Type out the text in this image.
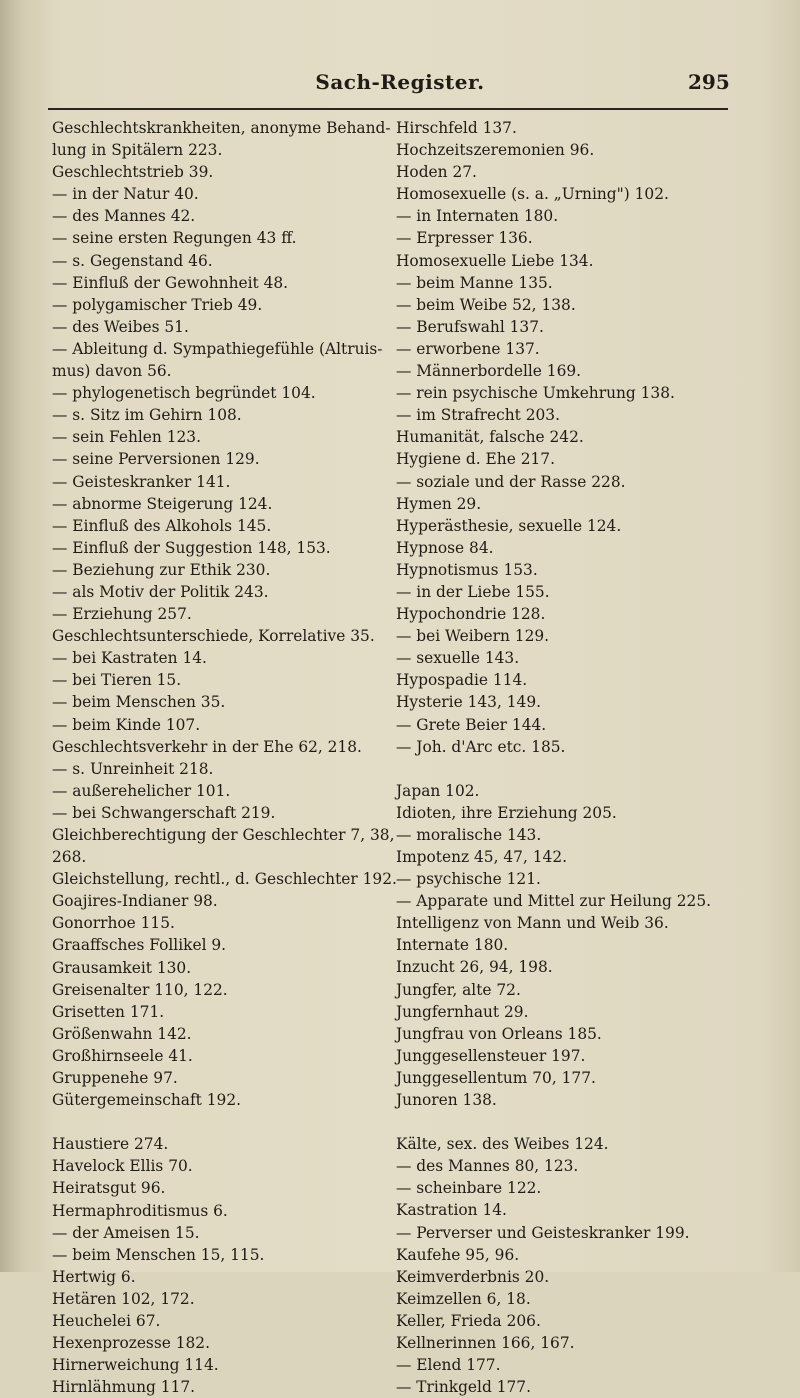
Sach-Register.	295
Geschlechtskrankheiten, anonyme Behand-
lung in Spitälern 223.
Geschlechtstrieb 39.
— in der Natur 40.
— des Mannes 42.
— seine ersten Regungen 43 ff.
— s. Gegenstand 46.
— Einfluß der Gewohnheit 48.
— polygamischer Trieb 49.
— des Weibes 51.
— Ableitung d. Sympathiegefühle (Altruis-
mus) davon 56.
— phylogenetisch begründet 104.
— s. Sitz im Gehirn 108.
— sein Fehlen 123.
— seine Perversionen 129.
— Geisteskranker 141.
— abnorme Steigerung 124.
— Einfluß des Alkohols 145.
— Einfluß der Suggestion 148, 153.
— Beziehung zur Ethik 230.
— als Motiv der Politik 243.
— Erziehung 257.
Geschlechtsunterschiede, Korrelative 35.
— bei Kastraten 14.
— bei Tieren 15.
— beim Menschen 35.
— beim Kinde 107.
Geschlechtsverkehr in der Ehe 62, 218.
— s. Unreinheit 218.
— außerehelicher 101.
— bei Schwangerschaft 219.
Gleichberechtigung der Geschlechter 7, 38,
268.
Gleichstellung, rechtl., d. Geschlechter 192.
Goajires-Indianer 98.
Gonorrhoe 115.
Graaffsches Follikel 9.
Grausamkeit 130.
Greisenalter 110, 122.
Grisetten 171.
Größenwahn 142.
Großhirnseele 41.
Gruppenehe 97.
Gütergemeinschaft 192.
Haustiere 274.
Havelock Ellis 70.
Heiratsgut 96.
Hermaphroditismus 6.
— der Ameisen 15.
— beim Menschen 15, 115.
Hertwig 6.
Hetären 102, 172.
Heuchelei 67.
Hexenprozesse 182.
Hirnerweichung 114.
Hirnlähmung 117.
Hirschfeld 137.
Hochzeitszeremonien 96.
Hoden 27.
Homosexuelle (s. a. „Urning") 102.
— in Internaten 180.
— Erpresser 136.
Homosexuelle Liebe 134.
— beim Manne 135.
— beim Weibe 52, 138.
— Berufswahl 137.
— erworbene 137.
— Männerbordelle 169.
— rein psychische Umkehrung 138.
— im Strafrecht 203.
Humanität, falsche 242.
Hygiene d. Ehe 217.
— soziale und der Rasse 228.
Hymen 29.
Hyperästhesie, sexuelle 124.
Hypnose 84.
Hypnotismus 153.
— in der Liebe 155.
Hypochondrie 128.
— bei Weibern 129.
— sexuelle 143.
Hypospadie 114.
Hysterie 143, 149.
— Grete Beier 144.
— Joh. d'Arc etc. 185.
Japan 102.
Idioten, ihre Erziehung 205.
— moralische 143.
Impotenz 45, 47, 142.
— psychische 121.
— Apparate und Mittel zur Heilung 225.
Intelligenz von Mann und Weib 36.
Internate 180.
Inzucht 26, 94, 198.
Jungfer, alte 72.
Jungfernhaut 29.
Jungfrau von Orleans 185.
Junggesellensteuer 197.
Junggesellentum 70, 177.
Junoren 138.
Kälte, sex. des Weibes 124.
— des Mannes 80, 123.
— scheinbare 122.
Kastration 14.
— Perverser und Geisteskranker 199.
Kaufehe 95, 96.
Keimverderbnis 20.
Keimzellen 6, 18.
Keller, Frieda 206.
Kellnerinnen 166, 167.
— Elend 177.
— Trinkgeld 177.
